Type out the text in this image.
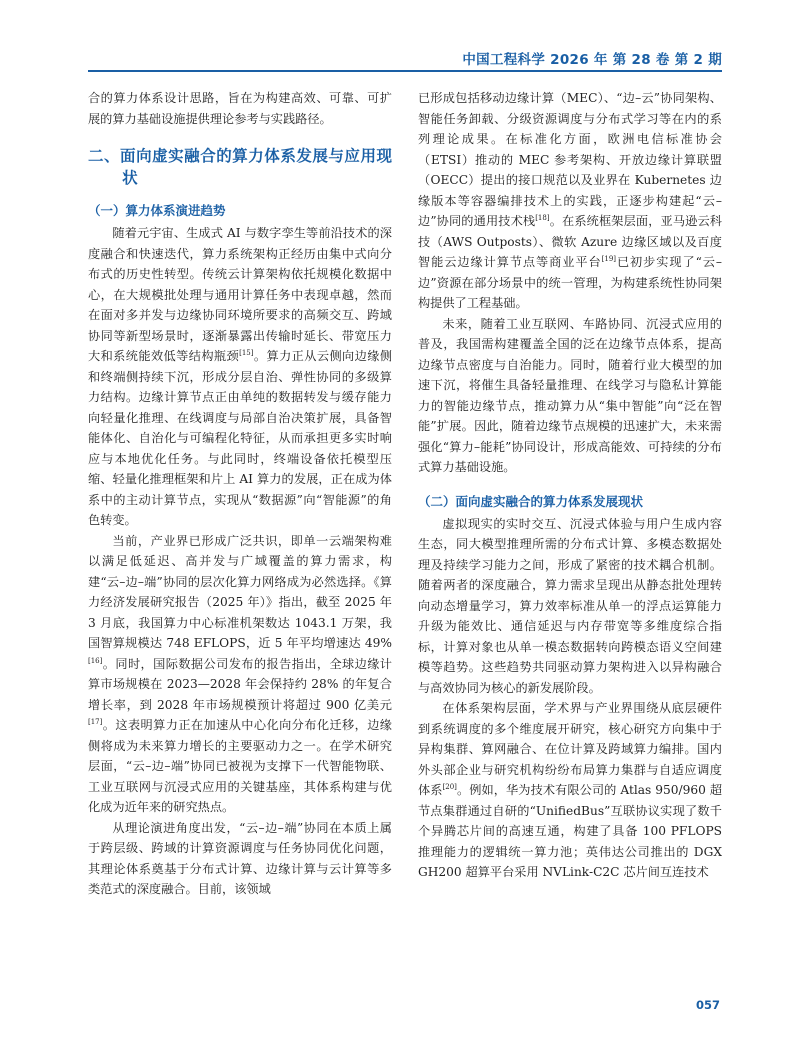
中国工程科学 2026 年 第 28 卷 第 2 期

合的算力体系设计思路，旨在为构建高效、可靠、可扩展的算力基础设施提供理论参考与实践路径。

二、面向虚实融合的算力体系发展与应用现状
（一）算力体系演进趋势

随着元宇宙、生成式 AI 与数字孪生等前沿技术的深度融合和快速迭代，算力系统架构正经历由集中式向分布式的历史性转型。传统云计算架构依托规模化数据中心，在大规模批处理与通用计算任务中表现卓越，然而在面对多并发与边缘协同环境所要求的高频交互、跨域协同等新型场景时，逐渐暴露出传输时延长、带宽压力大和系统能效低等结构瓶颈[15]。算力正从云侧向边缘侧和终端侧持续下沉，形成分层自治、弹性协同的多级算力结构。边缘计算节点正由单纯的数据转发与缓存能力向轻量化推理、在线调度与局部自治决策扩展，具备智能体化、自治化与可编程化特征，从而承担更多实时响应与本地优化任务。与此同时，终端设备依托模型压缩、轻量化推理框架和片上 AI 算力的发展，正在成为体系中的主动计算节点，实现从“数据源”向“智能源”的角色转变。

当前，产业界已形成广泛共识，即单一云端架构难以满足低延迟、高并发与广域覆盖的算力需求，构建“云–边–端”协同的层次化算力网络成为必然选择。《算力经济发展研究报告（2025 年）》指出，截至 2025 年 3 月底，我国算力中心标准机架数达 1043.1 万架，我国智算规模达 748 EFLOPS，近 5 年平均增速达 49%[16]。同时，国际数据公司发布的报告指出，全球边缘计算市场规模在 2023—2028 年会保持约 28% 的年复合增长率，到 2028 年市场规模预计将超过 900 亿美元[17]。这表明算力正在加速从中心化向分布化迁移，边缘侧将成为未来算力增长的主要驱动力之一。在学术研究层面，“云–边–端”协同已被视为支撑下一代智能物联、工业互联网与沉浸式应用的关键基座，其体系构建与优化成为近年来的研究热点。

从理论演进角度出发，“云–边–端”协同在本质上属于跨层级、跨域的计算资源调度与任务协同优化问题，其理论体系奠基于分布式计算、边缘计算与云计算等多类范式的深度融合。目前，该领域

已形成包括移动边缘计算（MEC）、“边–云”协同架构、智能任务卸载、分级资源调度与分布式学习等在内的系列理论成果。在标准化方面，欧洲电信标准协会（ETSI）推动的 MEC 参考架构、开放边缘计算联盟（OECC）提出的接口规范以及业界在 Kubernetes 边缘版本等容器编排技术上的实践，正逐步构建起“云–边”协同的通用技术栈[18]。在系统框架层面，亚马逊云科技（AWS Outposts）、微软 Azure 边缘区域以及百度智能云边缘计算节点等商业平台[19]已初步实现了“云–边”资源在部分场景中的统一管理，为构建系统性协同架构提供了工程基础。

未来，随着工业互联网、车路协同、沉浸式应用的普及，我国需构建覆盖全国的泛在边缘节点体系，提高边缘节点密度与自治能力。同时，随着行业大模型的加速下沉，将催生具备轻量推理、在线学习与隐私计算能力的智能边缘节点，推动算力从“集中智能”向“泛在智能”扩展。因此，随着边缘节点规模的迅速扩大，未来需强化“算力–能耗”协同设计，形成高能效、可持续的分布式算力基础设施。

（二）面向虚实融合的算力体系发展现状

虚拟现实的实时交互、沉浸式体验与用户生成内容生态，同大模型推理所需的分布式计算、多模态数据处理及持续学习能力之间，形成了紧密的技术耦合机制。随着两者的深度融合，算力需求呈现出从静态批处理转向动态增量学习，算力效率标准从单一的浮点运算能力升级为能效比、通信延迟与内存带宽等多维度综合指标，计算对象也从单一模态数据转向跨模态语义空间建模等趋势。这些趋势共同驱动算力架构进入以异构融合与高效协同为核心的新发展阶段。

在体系架构层面，学术界与产业界围绕从底层硬件到系统调度的多个维度展开研究，核心研究方向集中于异构集群、算网融合、在位计算及跨域算力编排。国内外头部企业与研究机构纷纷布局算力集群与自适应调度体系[20]。例如，华为技术有限公司的 Atlas 950/960 超节点集群通过自研的“UnifiedBus”互联协议实现了数千个异腾芯片间的高速互通，构建了具备 100 PFLOPS 推理能力的逻辑统一算力池；英伟达公司推出的 DGX GH200 超算平台采用 NVLink-C2C 芯片间互连技术

057
